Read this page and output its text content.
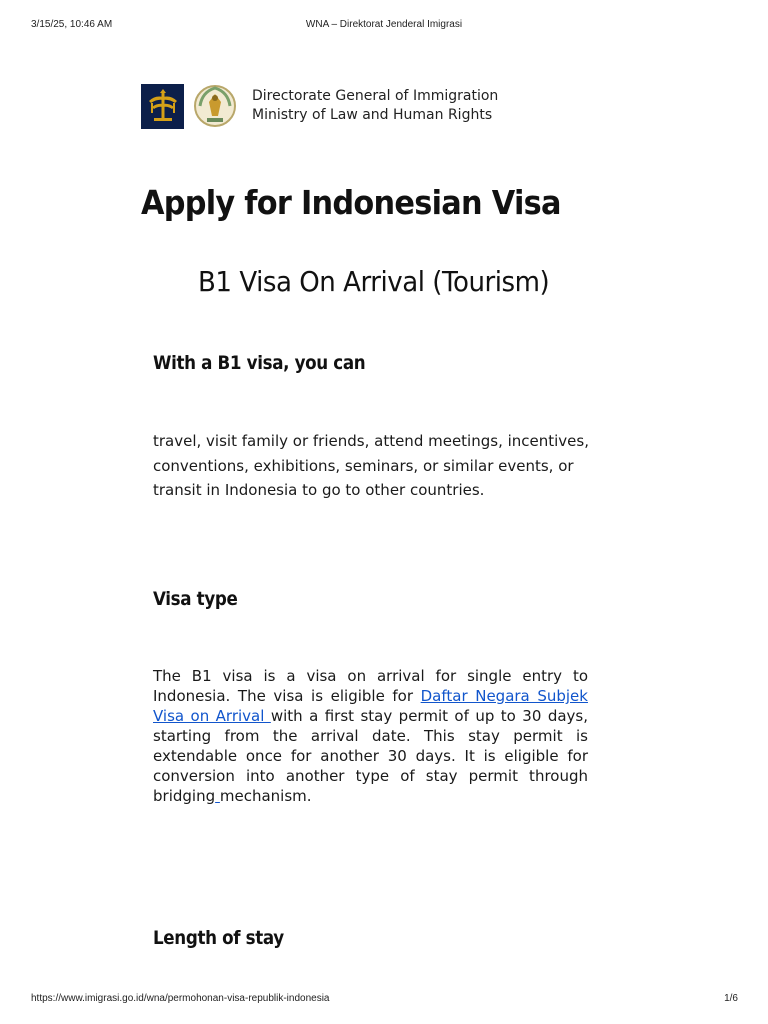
3/15/25, 10:46 AM	WNA – Direktorat Jenderal Imigrasi
Directorate General of Immigration
Ministry of Law and Human Rights
Apply for Indonesian Visa
B1 Visa On Arrival (Tourism)
With a B1 visa, you can
travel, visit family or friends, attend meetings, incentives, conventions, exhibitions, seminars, or similar events, or transit in Indonesia to go to other countries.
Visa type
The B1 visa is a visa on arrival for single entry to Indonesia. The visa is eligible for Daftar Negara Subjek Visa on Arrival with a first stay permit of up to 30 days, starting from the arrival date. This stay permit is extendable once for another 30 days. It is eligible for conversion into another type of stay permit through bridging mechanism.
Length of stay
https://www.imigrasi.go.id/wna/permohonan-visa-republik-indonesia	1/6
